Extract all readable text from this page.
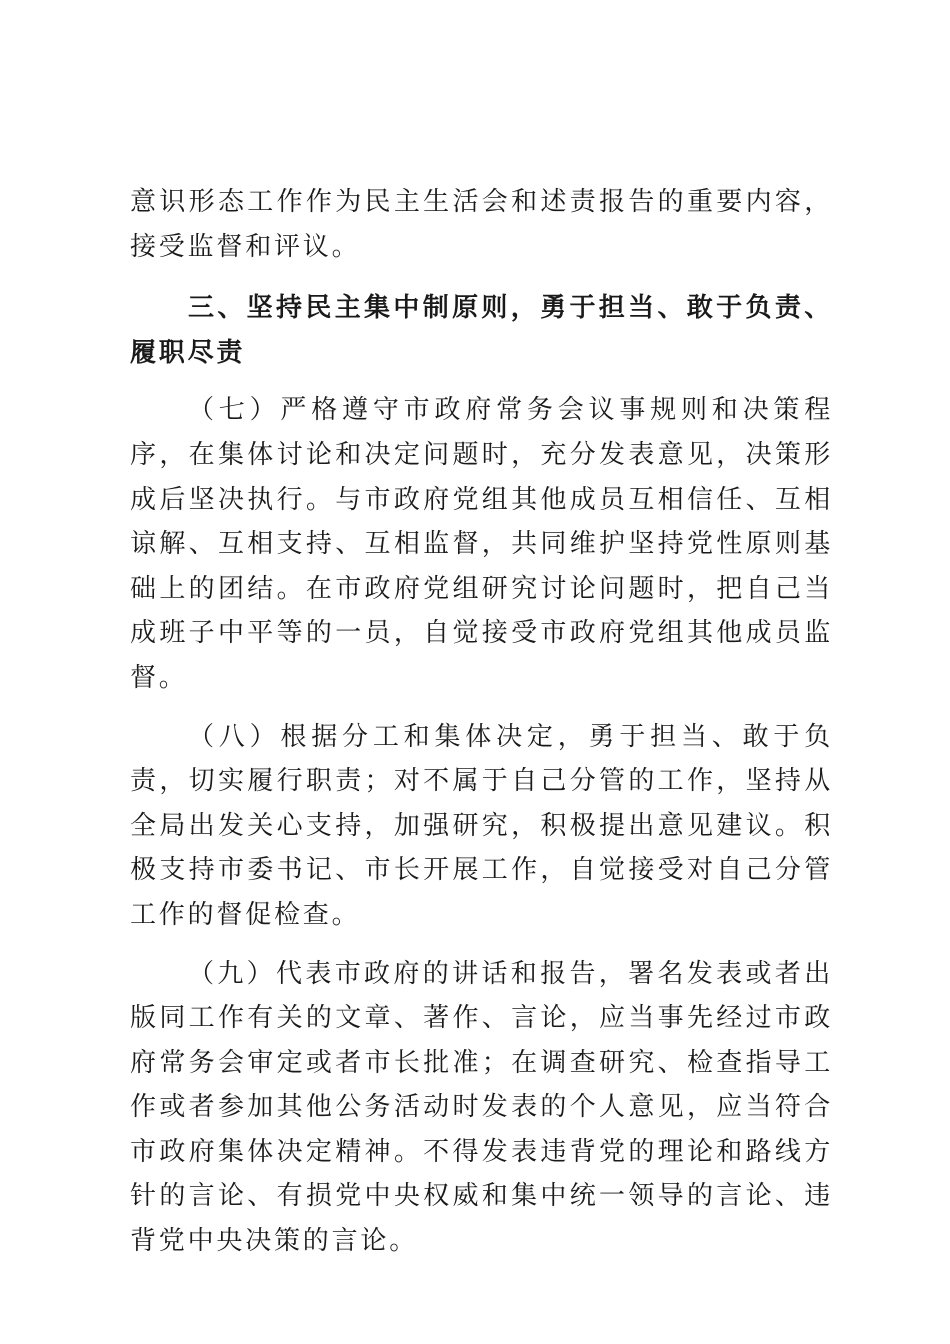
意识形态工作作为民主生活会和述责报告的重要内容，接受监督和评议。

三、坚持民主集中制原则，勇于担当、敢于负责、履职尽责

（七）严格遵守市政府常务会议事规则和决策程序，在集体讨论和决定问题时，充分发表意见，决策形成后坚决执行。与市政府党组其他成员互相信任、互相谅解、互相支持、互相监督，共同维护坚持党性原则基础上的团结。在市政府党组研究讨论问题时，把自己当成班子中平等的一员，自觉接受市政府党组其他成员监督。

（八）根据分工和集体决定，勇于担当、敢于负责，切实履行职责；对不属于自己分管的工作，坚持从全局出发关心支持，加强研究，积极提出意见建议。积极支持市委书记、市长开展工作，自觉接受对自己分管工作的督促检查。

（九）代表市政府的讲话和报告，署名发表或者出版同工作有关的文章、著作、言论，应当事先经过市政府常务会审定或者市长批准；在调查研究、检查指导工作或者参加其他公务活动时发表的个人意见，应当符合市政府集体决定精神。不得发表违背党的理论和路线方针的言论、有损党中央权威和集中统一领导的言论、违背党中央决策的言论。
